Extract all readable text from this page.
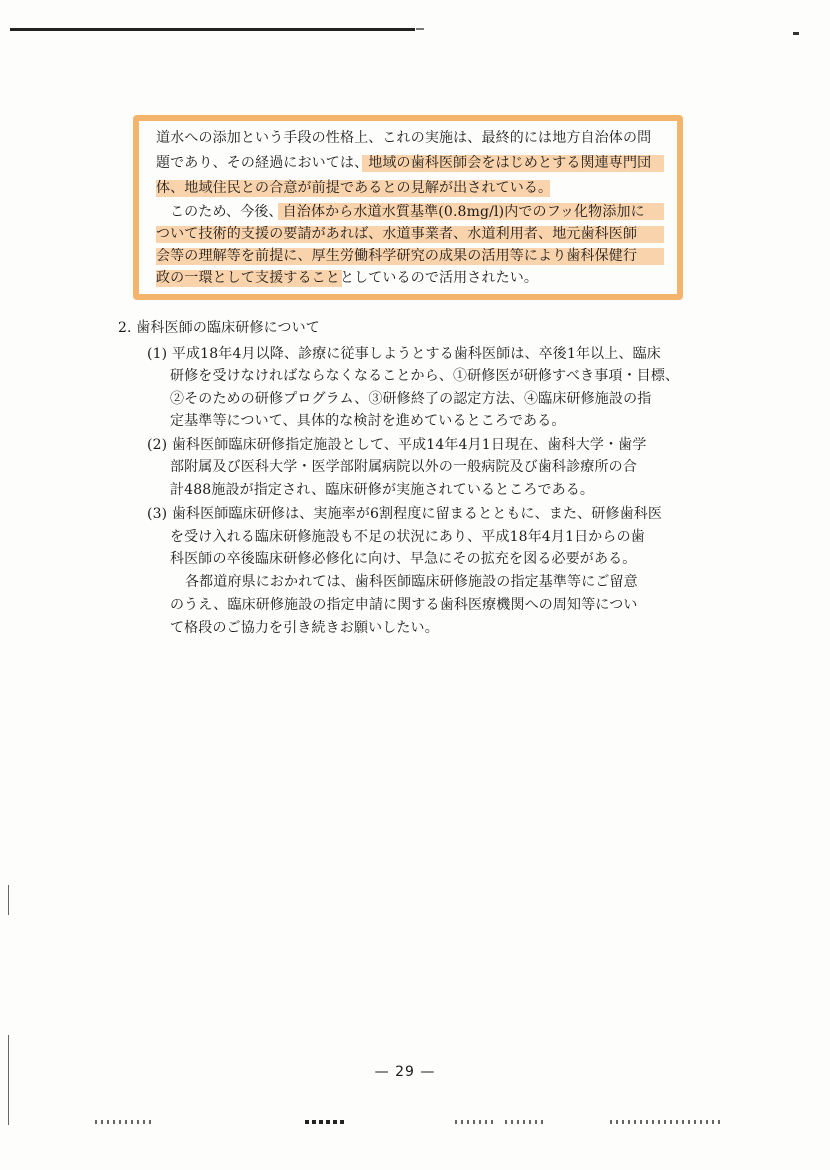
道水への添加という手段の性格上、これの実施は、最終的には地方自治体の問

題であり、その経過においては、地域の歯科医師会をはじめとする関連専門団

体、地域住民との合意が前提であるとの見解が出されている。

このため、今後、自治体から水道水質基準(0.8mg/l)内でのフッ化物添加に

ついて技術的支援の要請があれば、水道事業者、水道利用者、地元歯科医師

会等の理解等を前提に、厚生労働科学研究の成果の活用等により歯科保健行

政の一環として支援することとしているので活用されたい。

2. 歯科医師の臨床研修について

(1) 平成18年4月以降、診療に従事しようとする歯科医師は、卒後1年以上、臨床

研修を受けなければならなくなることから、①研修医が研修すべき事項・目標、

②そのための研修プログラム、③研修終了の認定方法、④臨床研修施設の指

定基準等について、具体的な検討を進めているところである。

(2) 歯科医師臨床研修指定施設として、平成14年4月1日現在、歯科大学・歯学

部附属及び医科大学・医学部附属病院以外の一般病院及び歯科診療所の合

計488施設が指定され、臨床研修が実施されているところである。

(3) 歯科医師臨床研修は、実施率が6割程度に留まるとともに、また、研修歯科医

を受け入れる臨床研修施設も不足の状況にあり、平成18年4月1日からの歯

科医師の卒後臨床研修必修化に向け、早急にその拡充を図る必要がある。

各都道府県におかれては、歯科医師臨床研修施設の指定基準等にご留意

のうえ、臨床研修施設の指定申請に関する歯科医療機関への周知等につい

て格段のご協力を引き続きお願いしたい。

— 29 —
